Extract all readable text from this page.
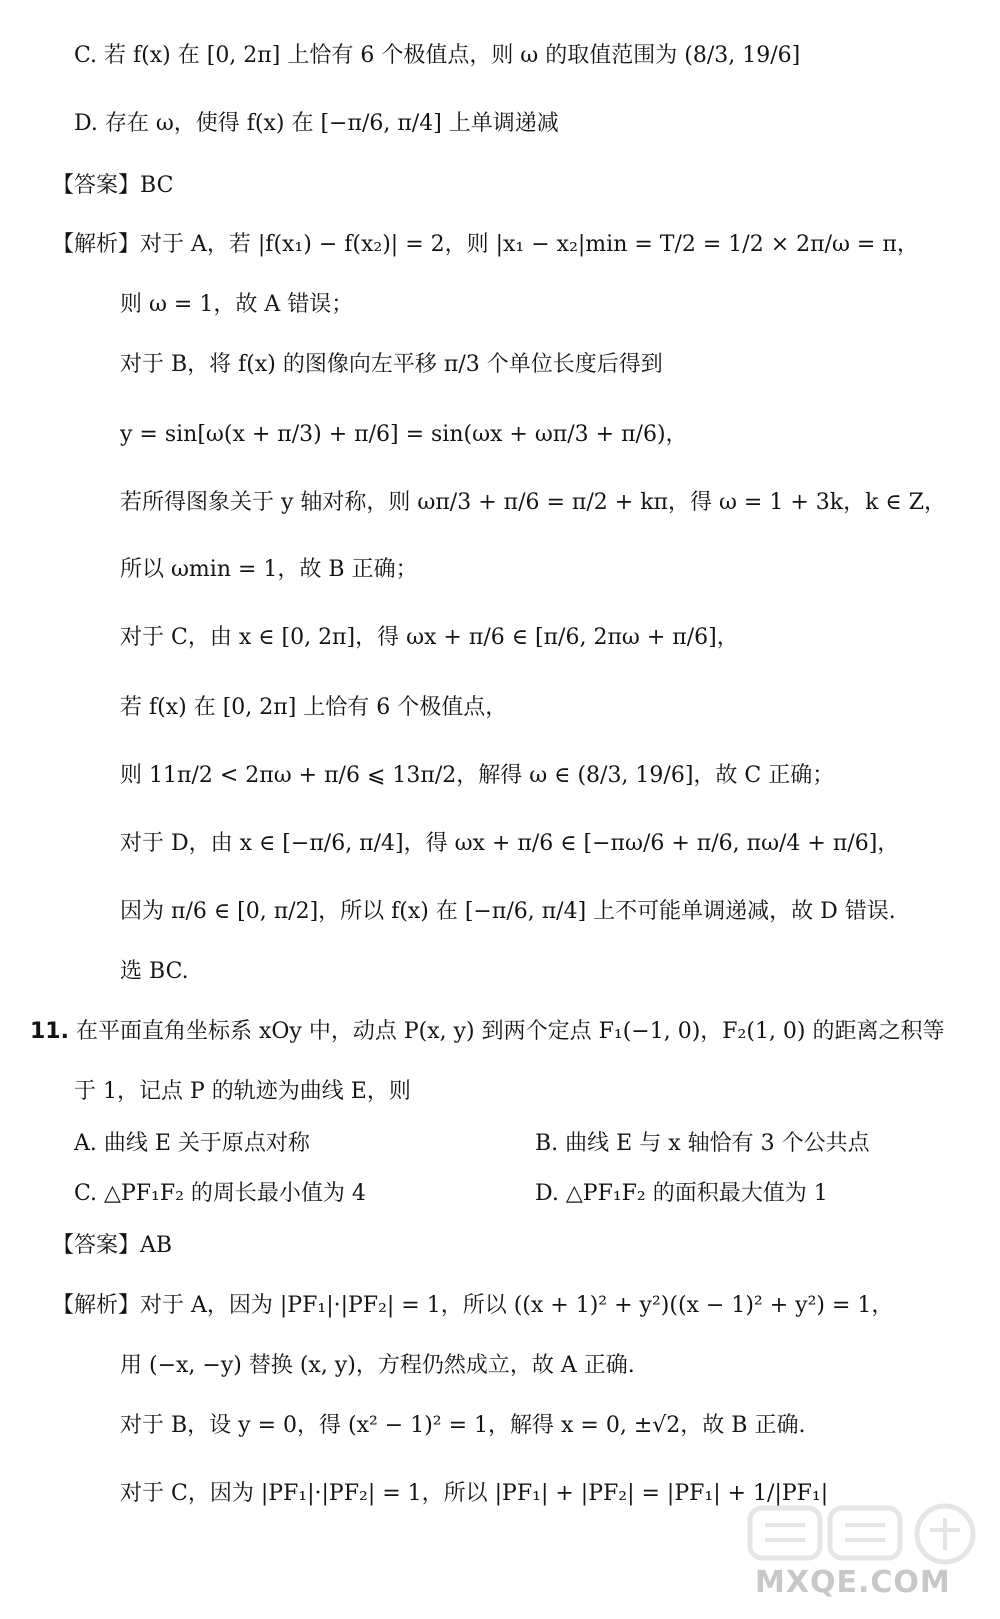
C. 若 f(x) 在 [0, 2π] 上恰有 6 个极值点，则 ω 的取值范围为 (8/3, 19/6]
D. 存在 ω，使得 f(x) 在 [−π/6, π/4] 上单调递减
【答案】BC
【解析】对于 A，若 |f(x₁) − f(x₂)| = 2，则 |x₁ − x₂|min = T/2 = 1/2 × 2π/ω = π，
则 ω = 1，故 A 错误；
对于 B，将 f(x) 的图像向左平移 π/3 个单位长度后得到
y = sin[ω(x + π/3) + π/6] = sin(ωx + ωπ/3 + π/6)，
若所得图象关于 y 轴对称，则 ωπ/3 + π/6 = π/2 + kπ，得 ω = 1 + 3k，k ∈ Z，
所以 ωmin = 1，故 B 正确；
对于 C，由 x ∈ [0, 2π]，得 ωx + π/6 ∈ [π/6, 2πω + π/6]，
若 f(x) 在 [0, 2π] 上恰有 6 个极值点，
则 11π/2 < 2πω + π/6 ⩽ 13π/2，解得 ω ∈ (8/3, 19/6]，故 C 正确；
对于 D，由 x ∈ [−π/6, π/4]，得 ωx + π/6 ∈ [−πω/6 + π/6, πω/4 + π/6]，
因为 π/6 ∈ [0, π/2]，所以 f(x) 在 [−π/6, π/4] 上不可能单调递减，故 D 错误.
选 BC.
11. 在平面直角坐标系 xOy 中，动点 P(x, y) 到两个定点 F₁(−1, 0)，F₂(1, 0) 的距离之积等
于 1，记点 P 的轨迹为曲线 E，则
A. 曲线 E 关于原点对称	B. 曲线 E 与 x 轴恰有 3 个公共点
C. △PF₁F₂ 的周长最小值为 4	D. △PF₁F₂ 的面积最大值为 1
【答案】AB
【解析】对于 A，因为 |PF₁|·|PF₂| = 1，所以 ((x + 1)² + y²)((x − 1)² + y²) = 1，
用 (−x, −y) 替换 (x, y)，方程仍然成立，故 A 正确.
对于 B，设 y = 0，得 (x² − 1)² = 1，解得 x = 0, ±√2，故 B 正确.
对于 C，因为 |PF₁|·|PF₂| = 1，所以 |PF₁| + |PF₂| = |PF₁| + 1/|PF₁|
MXQE.COM
